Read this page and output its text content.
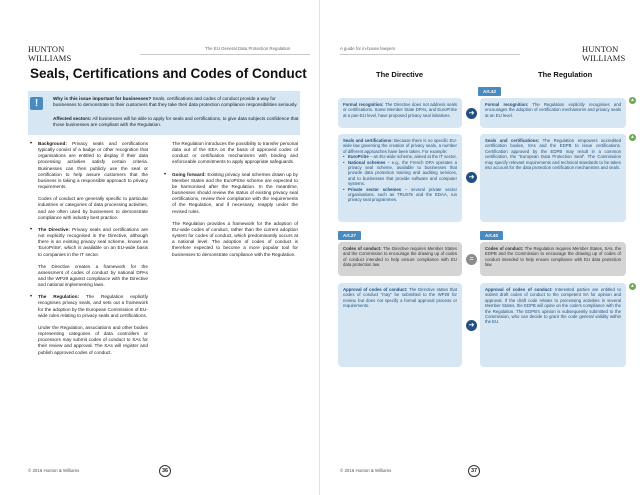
HUNTON
WILLIAMS
The EU General Data Protection Regulation
Seals, Certifications and Codes of Conduct
!	Why is this issue important for businesses? Seals, certifications and codes of conduct provide a way for businesses to demonstrate to their customers that they take their data protection compliance responsibilities seriously.
Affected sectors: All businesses will be able to apply for seals and certifications, to give data subjects confidence that those businesses are compliant with the Regulation.
• Background: Privacy seals and certifications typically consist of a badge or other recognition that organisations are entitled to display if their data processing activities satisfy certain criteria. Businesses can then publicly use the seal or certification to help assure customers that the business is taking a responsible approach to privacy requirements.

Codes of conduct are generally specific to particular industries or categories of data processing activities, and are often used by businesses to demonstrate compliance with industry best practice.

• The Directive: Privacy seals and certifications are not explicitly recognised in the Directive, although there is an existing privacy seal scheme, known as 'EuroPriSe', which is available on an EU-wide basis to companies in the IT sector.

The Directive creates a framework for the assessment of codes of conduct by national DPAs and the WP29 against compliance with the Directive and national implementing laws.

• The Regulation: The Regulation explicitly recognises privacy seals, and sets out a framework for the adoption by the European Commission of EU-wide rules relating to privacy seals and certifications.

Under the Regulation, associations and other bodies representing categories of data controllers or processors may submit codes of conduct to SAs for their review and approval. The SAs will register and publish approved codes of conduct.

The Regulation introduces the possibility to transfer personal data out of the EEA on the basis of approved codes of conduct or certification mechanisms with binding and enforceable commitments to apply appropriate safeguards.

• Going forward: Existing privacy seal schemes drawn up by Member States and the EuroPriSe scheme are expected to be harmonised after the Regulation. In the meantime, businesses should review the status of existing privacy seal certifications, review their compliance with the requirements of the Regulation, and if necessary, reapply under the revised rules.

The Regulation provides a framework for the adoption of EU-wide codes of conduct, rather than the current adoption system for codes of conduct, which predominantly occurs at a national level. The adoption of codes of conduct is therefore expected to become a more popular tool for businesses to demonstrate compliance with the Regulation.

© 2016 Hunton & Williams	36
A guide for in-house lawyers	HUNTON
WILLIAMS
The Directive	The Regulation
Art.42
Formal recognition: The Directive does not address seals or certifications. Some Member State DPAs, and EuroPriSe at a pan-EU level, have proposed privacy seal initiatives.	➜
Formal recognition: The Regulation explicitly recognises and encourages the adoption of certification mechanisms and privacy seals at an EU level.
▲
Seals and certifications: Because there is no specific EU-wide law governing the creation of privacy seals, a number of different approaches have been taken. For example:
• EuroPriSe – an EU-wide scheme, aimed at the IT sector.
• National schemes – e.g., the French DPA operates a privacy seal scheme, available to businesses that provide data protection training and auditing services, and to businesses that provide software and computer systems.
• Private sector schemes – several private sector organisations, such as TRUSTe and the EDAA, run privacy seal programmes.
➜
Seals and certifications: The Regulation empowers accredited certification bodies, SAs and the EDPB to issue certifications. Certification approved by the EDPB may result in a common certification, the "European Data Protection Seal". The Commission may specify relevant requirements and technical standards to be taken into account for the data protection certification mechanisms and seals.
▲
Art.27	Art.40
Codes of conduct: The Directive requires Member States and the Commission to encourage the drawing up of codes of conduct intended to help ensure compliance with EU data protection law.
=
Codes of conduct: The Regulation requires Member States, SAs, the EDPB and the Commission to encourage the drawing up of codes of conduct intended to help ensure compliance with EU data protection law.
Approval of codes of conduct: The Directive states that codes of conduct "may" be submitted to the WP29 for review, but does not specify a formal approval process or requirements.
➜
Approval of codes of conduct: Interested parties are entitled to submit draft codes of conduct to the competent SA for opinion and approval. If the draft code relates to processing activities in several Member States, the EDPB will opine on the code's compliance with the the Regulation. The EDPB's opinion is subsequently submitted to the Commission, who can decide to grant the code general validity within the EU.
▲
© 2016 Hunton & Williams	37
